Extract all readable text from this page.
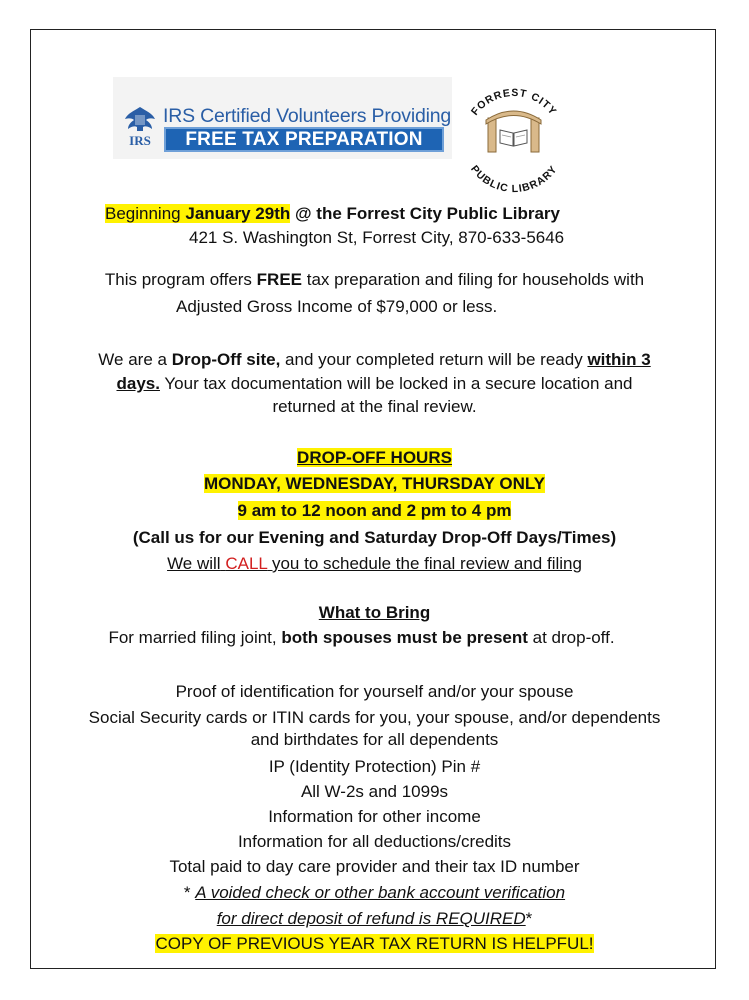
IRS
IRS Certified Volunteers Providing
FREE TAX PREPARATION
FORREST CITY
PUBLIC LIBRARY
Beginning January 29th @ the Forrest City Public Library
421 S. Washington St, Forrest City, 870-633-5646
This program offers FREE tax preparation and filing for households with
Adjusted Gross Income of $79,000 or less.
We are a Drop-Off site, and your completed return will be ready within 3
days. Your tax documentation will be locked in a secure location and
returned at the final review.
DROP-OFF HOURS
MONDAY, WEDNESDAY, THURSDAY ONLY
9 am to 12 noon and 2 pm to 4 pm
(Call us for our Evening and Saturday Drop-Off Days/Times)
We will CALL you to schedule the final review and filing
What to Bring
For married filing joint, both spouses must be present at drop-off.
Proof of identification for yourself and/or your spouse
Social Security cards or ITIN cards for you, your spouse, and/or dependents
and birthdates for all dependents
IP (Identity Protection) Pin #
All W-2s and 1099s
Information for other income
Information for all deductions/credits
Total paid to day care provider and their tax ID number
* A voided check or other bank account verification
for direct deposit of refund is REQUIRED*
COPY OF PREVIOUS YEAR TAX RETURN IS HELPFUL!
